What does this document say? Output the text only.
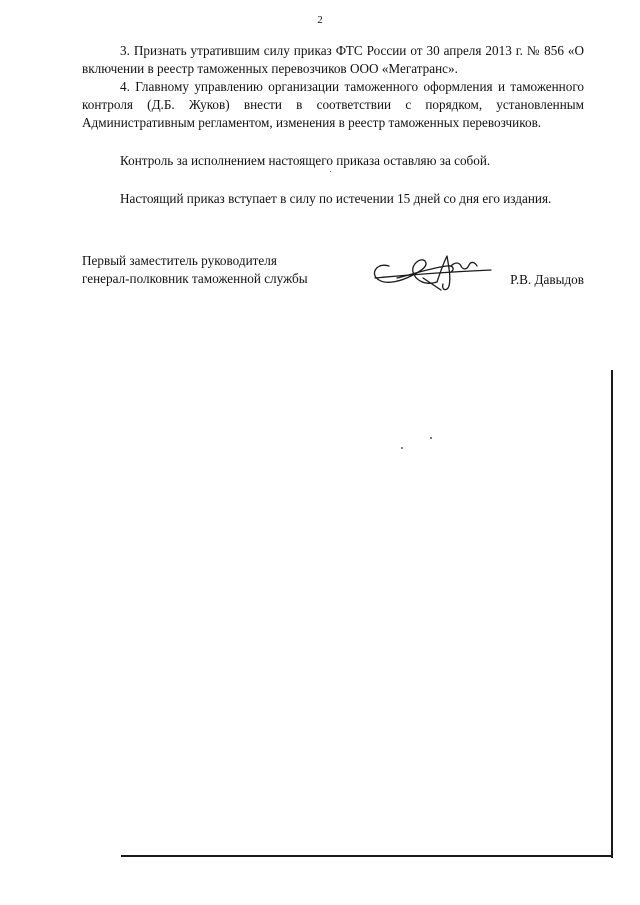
2

3. Признать утратившим силу приказ ФТС России от 30 апреля 2013 г. № 856 «О включении в реестр таможенных перевозчиков ООО «Мегатранс».

4. Главному управлению организации таможенного оформления и таможенного контроля (Д.Б. Жуков) внести в соответствии с порядком, установленным Административным регламентом, изменения в реестр таможенных перевозчиков.

Контроль за исполнением настоящего приказа оставляю за собой.

Настоящий приказ вступает в силу по истечении 15 дней со дня его издания.

Первый заместитель руководителя
генерал-полковник таможенной службы	Р.В. Давыдов
